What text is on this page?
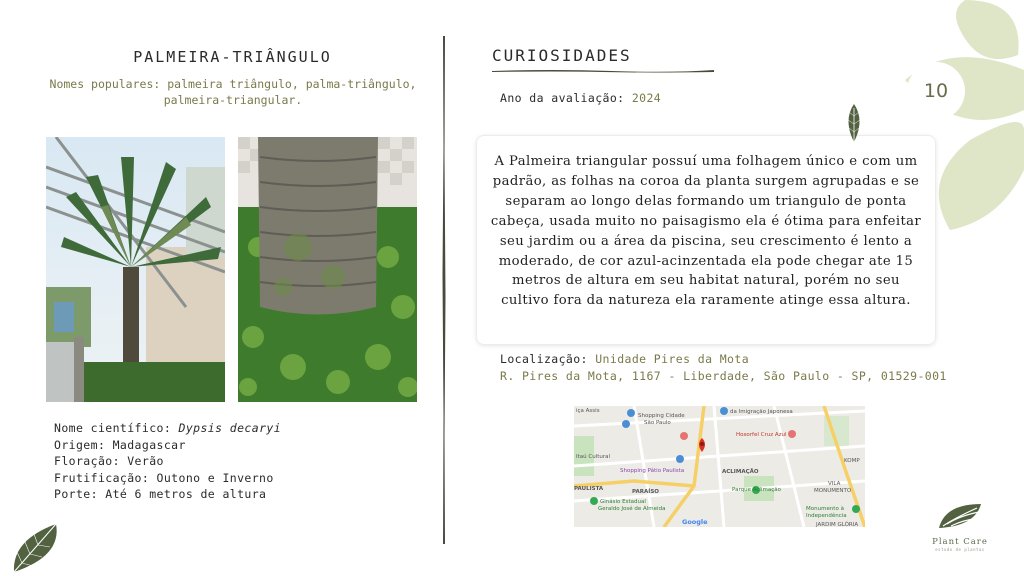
PALMEIRA-TRIÂNGULO
Nomes populares: palmeira triângulo, palma-triângulo,
palmeira-triangular.
Nome científico: Dypsis decaryi
Origem: Madagascar
Floração: Verão
Frutificação: Outono e Inverno
Porte: Até 6 metros de altura
CURIOSIDADES
Ano da avaliação: 2024
A Palmeira triangular possuí uma folhagem único e com um padrão, as folhas na coroa da planta surgem agrupadas e se separam ao longo delas formando um triangulo de ponta cabeça, usada muito no paisagismo ela é ótima para enfeitar seu jardim ou a área da piscina, seu crescimento é lento a moderado, de cor azul-acinzentada ela pode chegar ate 15 metros de altura em seu habitat natural, porém no seu cultivo fora da natureza ela raramente atinge essa altura.
Localização: Unidade Pires da Mota
R. Pires da Mota, 1167 - Liberdade, São Paulo - SP, 01529-001
iça Assis
Shopping Cidade
São Paulo
da Imigração Japonesa
Hoxorfel Cruz Azul
Itaú Cultural
Shopping Pátio Paulista	ACLIMAÇÃO
PAULISTA	PARAÍSO	Parque Aclimação
VILA
MONUMENTO
Ginásio Estadual
Geraldo José de Almeida	Monumento à
Independência
JARDIM GLÓRIA
KOMP
Google
10
Plant Care
estudo de plantas
